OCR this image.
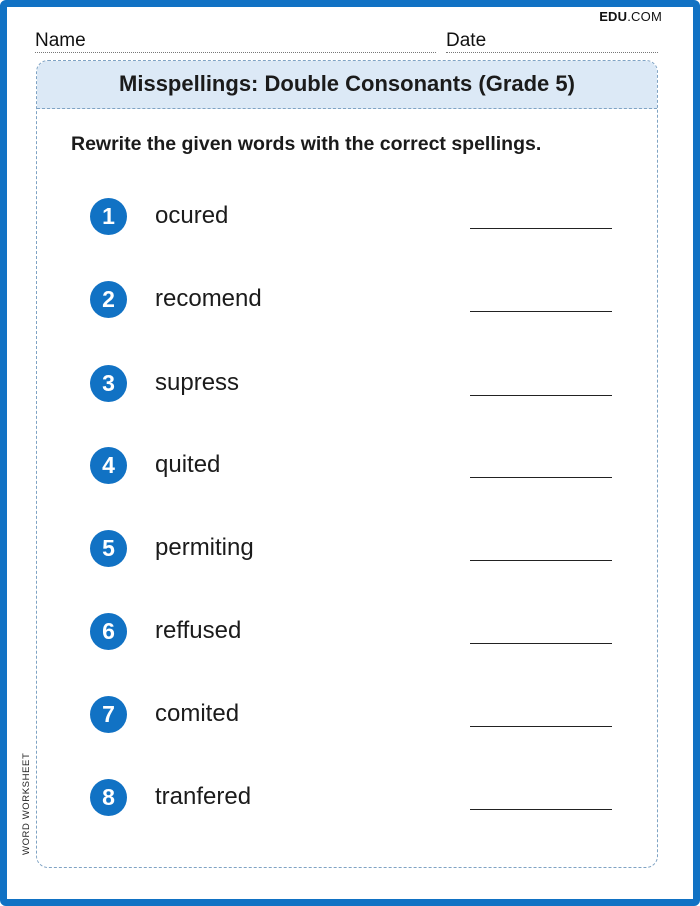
EDU.COM
Name	Date
Misspellings: Double Consonants (Grade 5)
Rewrite the given words with the correct spellings.
1	ocured
2	recomend
3	supress
4	quited
5	permiting
6	reffused
7	comited
8	tranfered
WORD WORKSHEET
